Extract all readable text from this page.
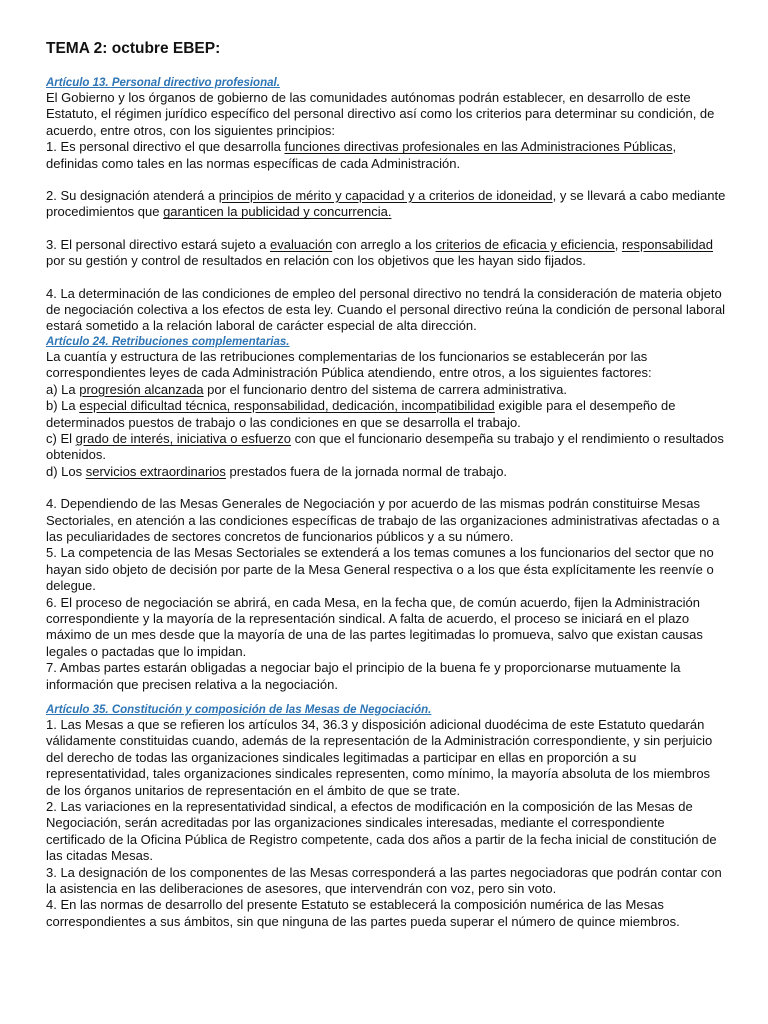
TEMA 2: octubre EBEP:

Artículo 13. Personal directivo profesional.

El Gobierno y los órganos de gobierno de las comunidades autónomas podrán establecer, en desarrollo de este Estatuto, el régimen jurídico específico del personal directivo así como los criterios para determinar su condición, de acuerdo, entre otros, con los siguientes principios:

1. Es personal directivo el que desarrolla funciones directivas profesionales en las Administraciones Públicas, definidas como tales en las normas específicas de cada Administración.

2. Su designación atenderá a principios de mérito y capacidad y a criterios de idoneidad, y se llevará a cabo mediante procedimientos que garanticen la publicidad y concurrencia.

3. El personal directivo estará sujeto a evaluación con arreglo a los criterios de eficacia y eficiencia, responsabilidad por su gestión y control de resultados en relación con los objetivos que les hayan sido fijados.

4. La determinación de las condiciones de empleo del personal directivo no tendrá la consideración de materia objeto de negociación colectiva a los efectos de esta ley. Cuando el personal directivo reúna la condición de personal laboral estará sometido a la relación laboral de carácter especial de alta dirección.

Artículo 24. Retribuciones complementarias.

La cuantía y estructura de las retribuciones complementarias de los funcionarios se establecerán por las correspondientes leyes de cada Administración Pública atendiendo, entre otros, a los siguientes factores:

a) La progresión alcanzada por el funcionario dentro del sistema de carrera administrativa.

b) La especial dificultad técnica, responsabilidad, dedicación, incompatibilidad exigible para el desempeño de determinados puestos de trabajo o las condiciones en que se desarrolla el trabajo.

c) El grado de interés, iniciativa o esfuerzo con que el funcionario desempeña su trabajo y el rendimiento o resultados obtenidos.

d) Los servicios extraordinarios prestados fuera de la jornada normal de trabajo.

4. Dependiendo de las Mesas Generales de Negociación y por acuerdo de las mismas podrán constituirse Mesas Sectoriales, en atención a las condiciones específicas de trabajo de las organizaciones administrativas afectadas o a las peculiaridades de sectores concretos de funcionarios públicos y a su número.

5. La competencia de las Mesas Sectoriales se extenderá a los temas comunes a los funcionarios del sector que no hayan sido objeto de decisión por parte de la Mesa General respectiva o a los que ésta explícitamente les reenvíe o delegue.

6. El proceso de negociación se abrirá, en cada Mesa, en la fecha que, de común acuerdo, fijen la Administración correspondiente y la mayoría de la representación sindical. A falta de acuerdo, el proceso se iniciará en el plazo máximo de un mes desde que la mayoría de una de las partes legitimadas lo promueva, salvo que existan causas legales o pactadas que lo impidan.

7. Ambas partes estarán obligadas a negociar bajo el principio de la buena fe y proporcionarse mutuamente la información que precisen relativa a la negociación.

Artículo 35. Constitución y composición de las Mesas de Negociación.

1. Las Mesas a que se refieren los artículos 34, 36.3 y disposición adicional duodécima de este Estatuto quedarán válidamente constituidas cuando, además de la representación de la Administración correspondiente, y sin perjuicio del derecho de todas las organizaciones sindicales legitimadas a participar en ellas en proporción a su representatividad, tales organizaciones sindicales representen, como mínimo, la mayoría absoluta de los miembros de los órganos unitarios de representación en el ámbito de que se trate.

2. Las variaciones en la representatividad sindical, a efectos de modificación en la composición de las Mesas de Negociación, serán acreditadas por las organizaciones sindicales interesadas, mediante el correspondiente certificado de la Oficina Pública de Registro competente, cada dos años a partir de la fecha inicial de constitución de las citadas Mesas.

3. La designación de los componentes de las Mesas corresponderá a las partes negociadoras que podrán contar con la asistencia en las deliberaciones de asesores, que intervendrán con voz, pero sin voto.

4. En las normas de desarrollo del presente Estatuto se establecerá la composición numérica de las Mesas correspondientes a sus ámbitos, sin que ninguna de las partes pueda superar el número de quince miembros.
